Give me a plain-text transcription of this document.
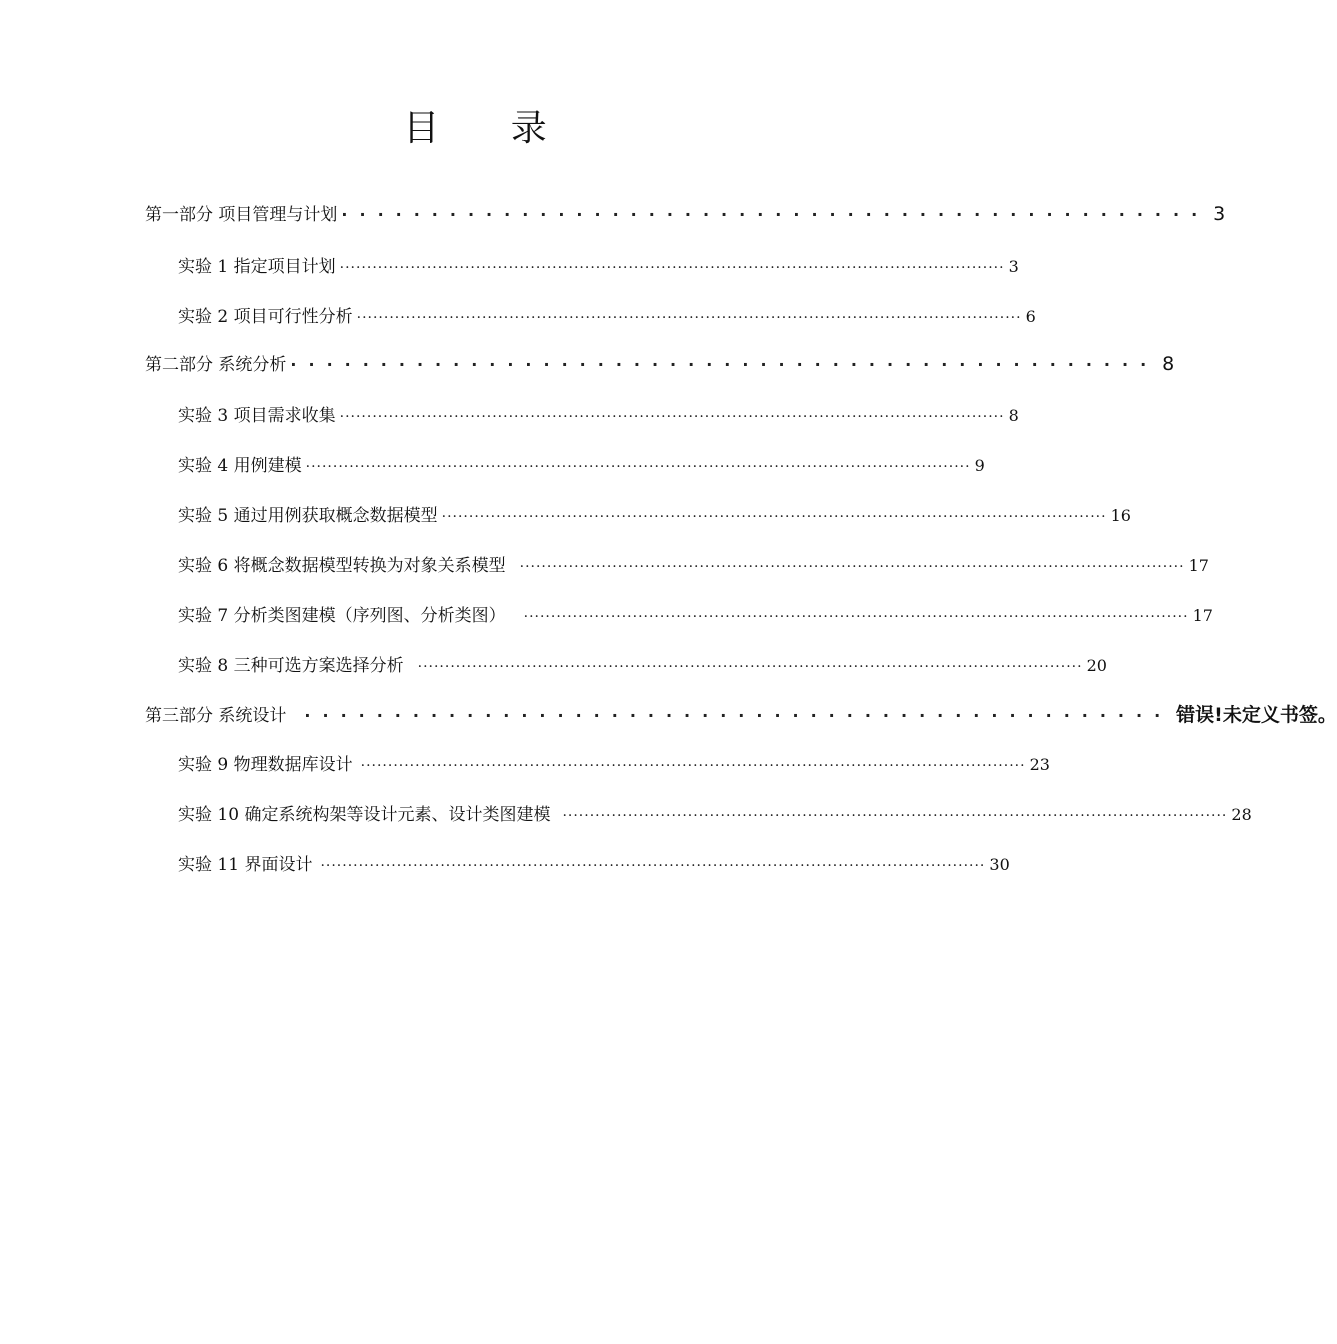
目 录
第一部分 项目管理与计划 ················································ 3
实验 1 指定项目计划 ·························································································································· 3
实验 2 项目可行性分析 ·························································································································· 6
第二部分 系统分析 ················································ 8
实验 3 项目需求收集 ·························································································································· 8
实验 4 用例建模 ·························································································································· 9
实验 5 通过用例获取概念数据模型 ·························································································································· 16
实验 6 将概念数据模型转换为对象关系模型 ·························································································································· 17
实验 7 分析类图建模（序列图、分析类图） ·························································································································· 17
实验 8 三种可选方案选择分析 ·························································································································· 20
第三部分 系统设计 ················································ 错误!未定义书签。
实验 9 物理数据库设计 ·························································································································· 23
实验 10 确定系统构架等设计元素、设计类图建模 ·························································································································· 28
实验 11 界面设计 ·························································································································· 30
